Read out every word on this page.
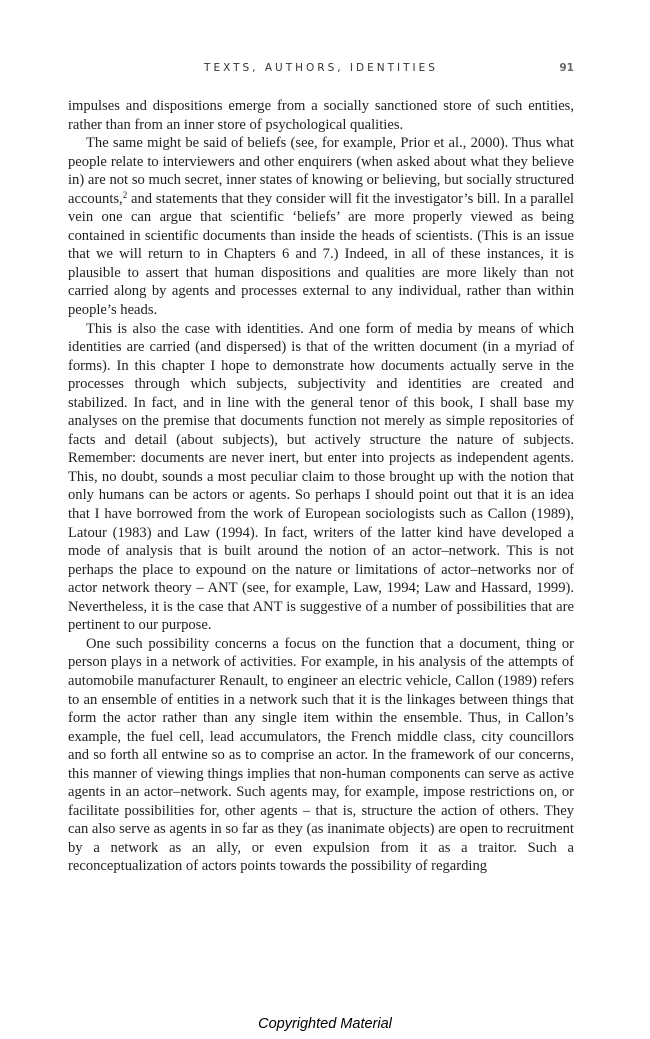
TEXTS, AUTHORS, IDENTITIES	91

impulses and dispositions emerge from a socially sanctioned store of such entities, rather than from an inner store of psychological qualities.

The same might be said of beliefs (see, for example, Prior et al., 2000). Thus what people relate to interviewers and other enquirers (when asked about what they believe in) are not so much secret, inner states of knowing or believing, but socially structured accounts,$^2$ and statements that they consider will fit the investigator’s bill. In a parallel vein one can argue that scientific ‘beliefs’ are more properly viewed as being contained in scientific documents than inside the heads of scientists. (This is an issue that we will return to in Chapters 6 and 7.) Indeed, in all of these instances, it is plausible to assert that human dispositions and qualities are more likely than not carried along by agents and processes external to any individual, rather than within people’s heads.

This is also the case with identities. And one form of media by means of which identities are carried (and dispersed) is that of the written document (in a myriad of forms). In this chapter I hope to demonstrate how documents actually serve in the processes through which subjects, subjectivity and identities are created and stabilized. In fact, and in line with the general tenor of this book, I shall base my analyses on the premise that documents function not merely as simple repositories of facts and detail (about subjects), but actively structure the nature of subjects. Remember: documents are never inert, but enter into projects as independent agents. This, no doubt, sounds a most peculiar claim to those brought up with the notion that only humans can be actors or agents. So perhaps I should point out that it is an idea that I have borrowed from the work of European sociologists such as Callon (1989), Latour (1983) and Law (1994). In fact, writers of the latter kind have developed a mode of analysis that is built around the notion of an actor–network. This is not perhaps the place to expound on the nature or limitations of actor–networks nor of actor network theory – ANT (see, for example, Law, 1994; Law and Hassard, 1999). Nevertheless, it is the case that ANT is suggestive of a number of possibilities that are pertinent to our purpose.

One such possibility concerns a focus on the function that a document, thing or person plays in a network of activities. For example, in his analysis of the attempts of automobile manufacturer Renault, to engineer an electric vehicle, Callon (1989) refers to an ensemble of entities in a network such that it is the linkages between things that form the actor rather than any single item within the ensemble. Thus, in Callon’s example, the fuel cell, lead accumulators, the French middle class, city councillors and so forth all entwine so as to comprise an actor. In the framework of our concerns, this manner of viewing things implies that non-human components can serve as active agents in an actor–network. Such agents may, for example, impose restrictions on, or facilitate possibilities for, other agents – that is, structure the action of others. They can also serve as agents in so far as they (as inanimate objects) are open to recruitment by a network as an ally, or even expulsion from it as a traitor. Such a reconceptualization of actors points towards the possibility of regarding

Copyrighted Material
